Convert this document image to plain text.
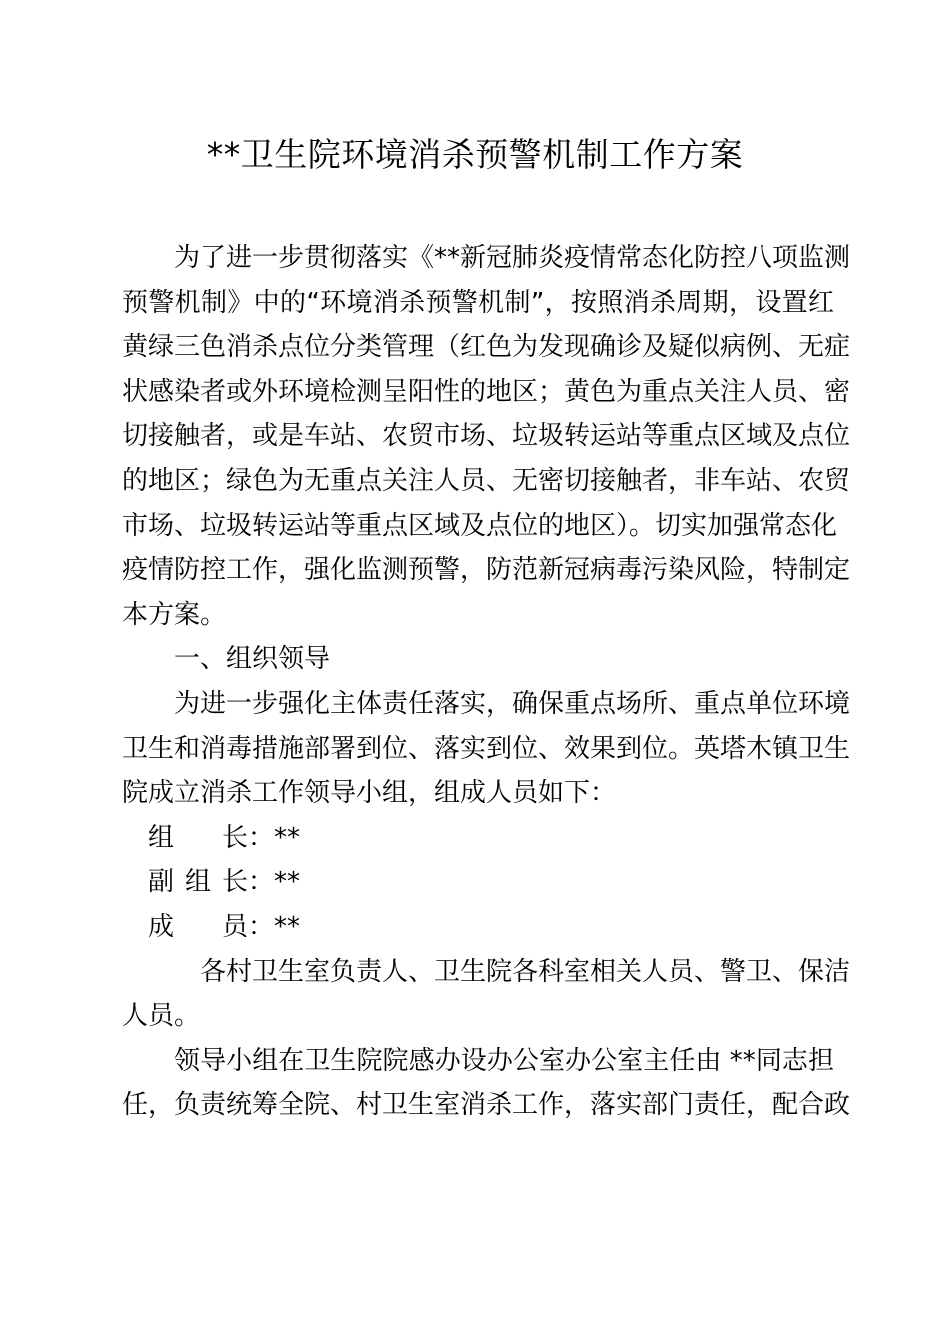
**卫生院环境消杀预警机制工作方案
为了进一步贯彻落实《**新冠肺炎疫情常态化防控八项监测
预警机制》中的“环境消杀预警机制”，按照消杀周期，设置红
黄绿三色消杀点位分类管理（红色为发现确诊及疑似病例、无症
状感染者或外环境检测呈阳性的地区；黄色为重点关注人员、密
切接触者，或是车站、农贸市场、垃圾转运站等重点区域及点位
的地区；绿色为无重点关注人员、无密切接触者，非车站、农贸
市场、垃圾转运站等重点区域及点位的地区）。切实加强常态化
疫情防控工作，强化监测预警，防范新冠病毒污染风险，特制定
本方案。
一、组织领导
为进一步强化主体责任落实，确保重点场所、重点单位环境
卫生和消毒措施部署到位、落实到位、效果到位。英塔木镇卫生
院成立消杀工作领导小组，组成人员如下：
组　长：**
副组长：**
成　员：**
各村卫生室负责人、卫生院各科室相关人员、警卫、保洁
人员。
领导小组在卫生院院感办设办公室办公室主任由 **同志担
任，负责统筹全院、村卫生室消杀工作，落实部门责任，配合政
